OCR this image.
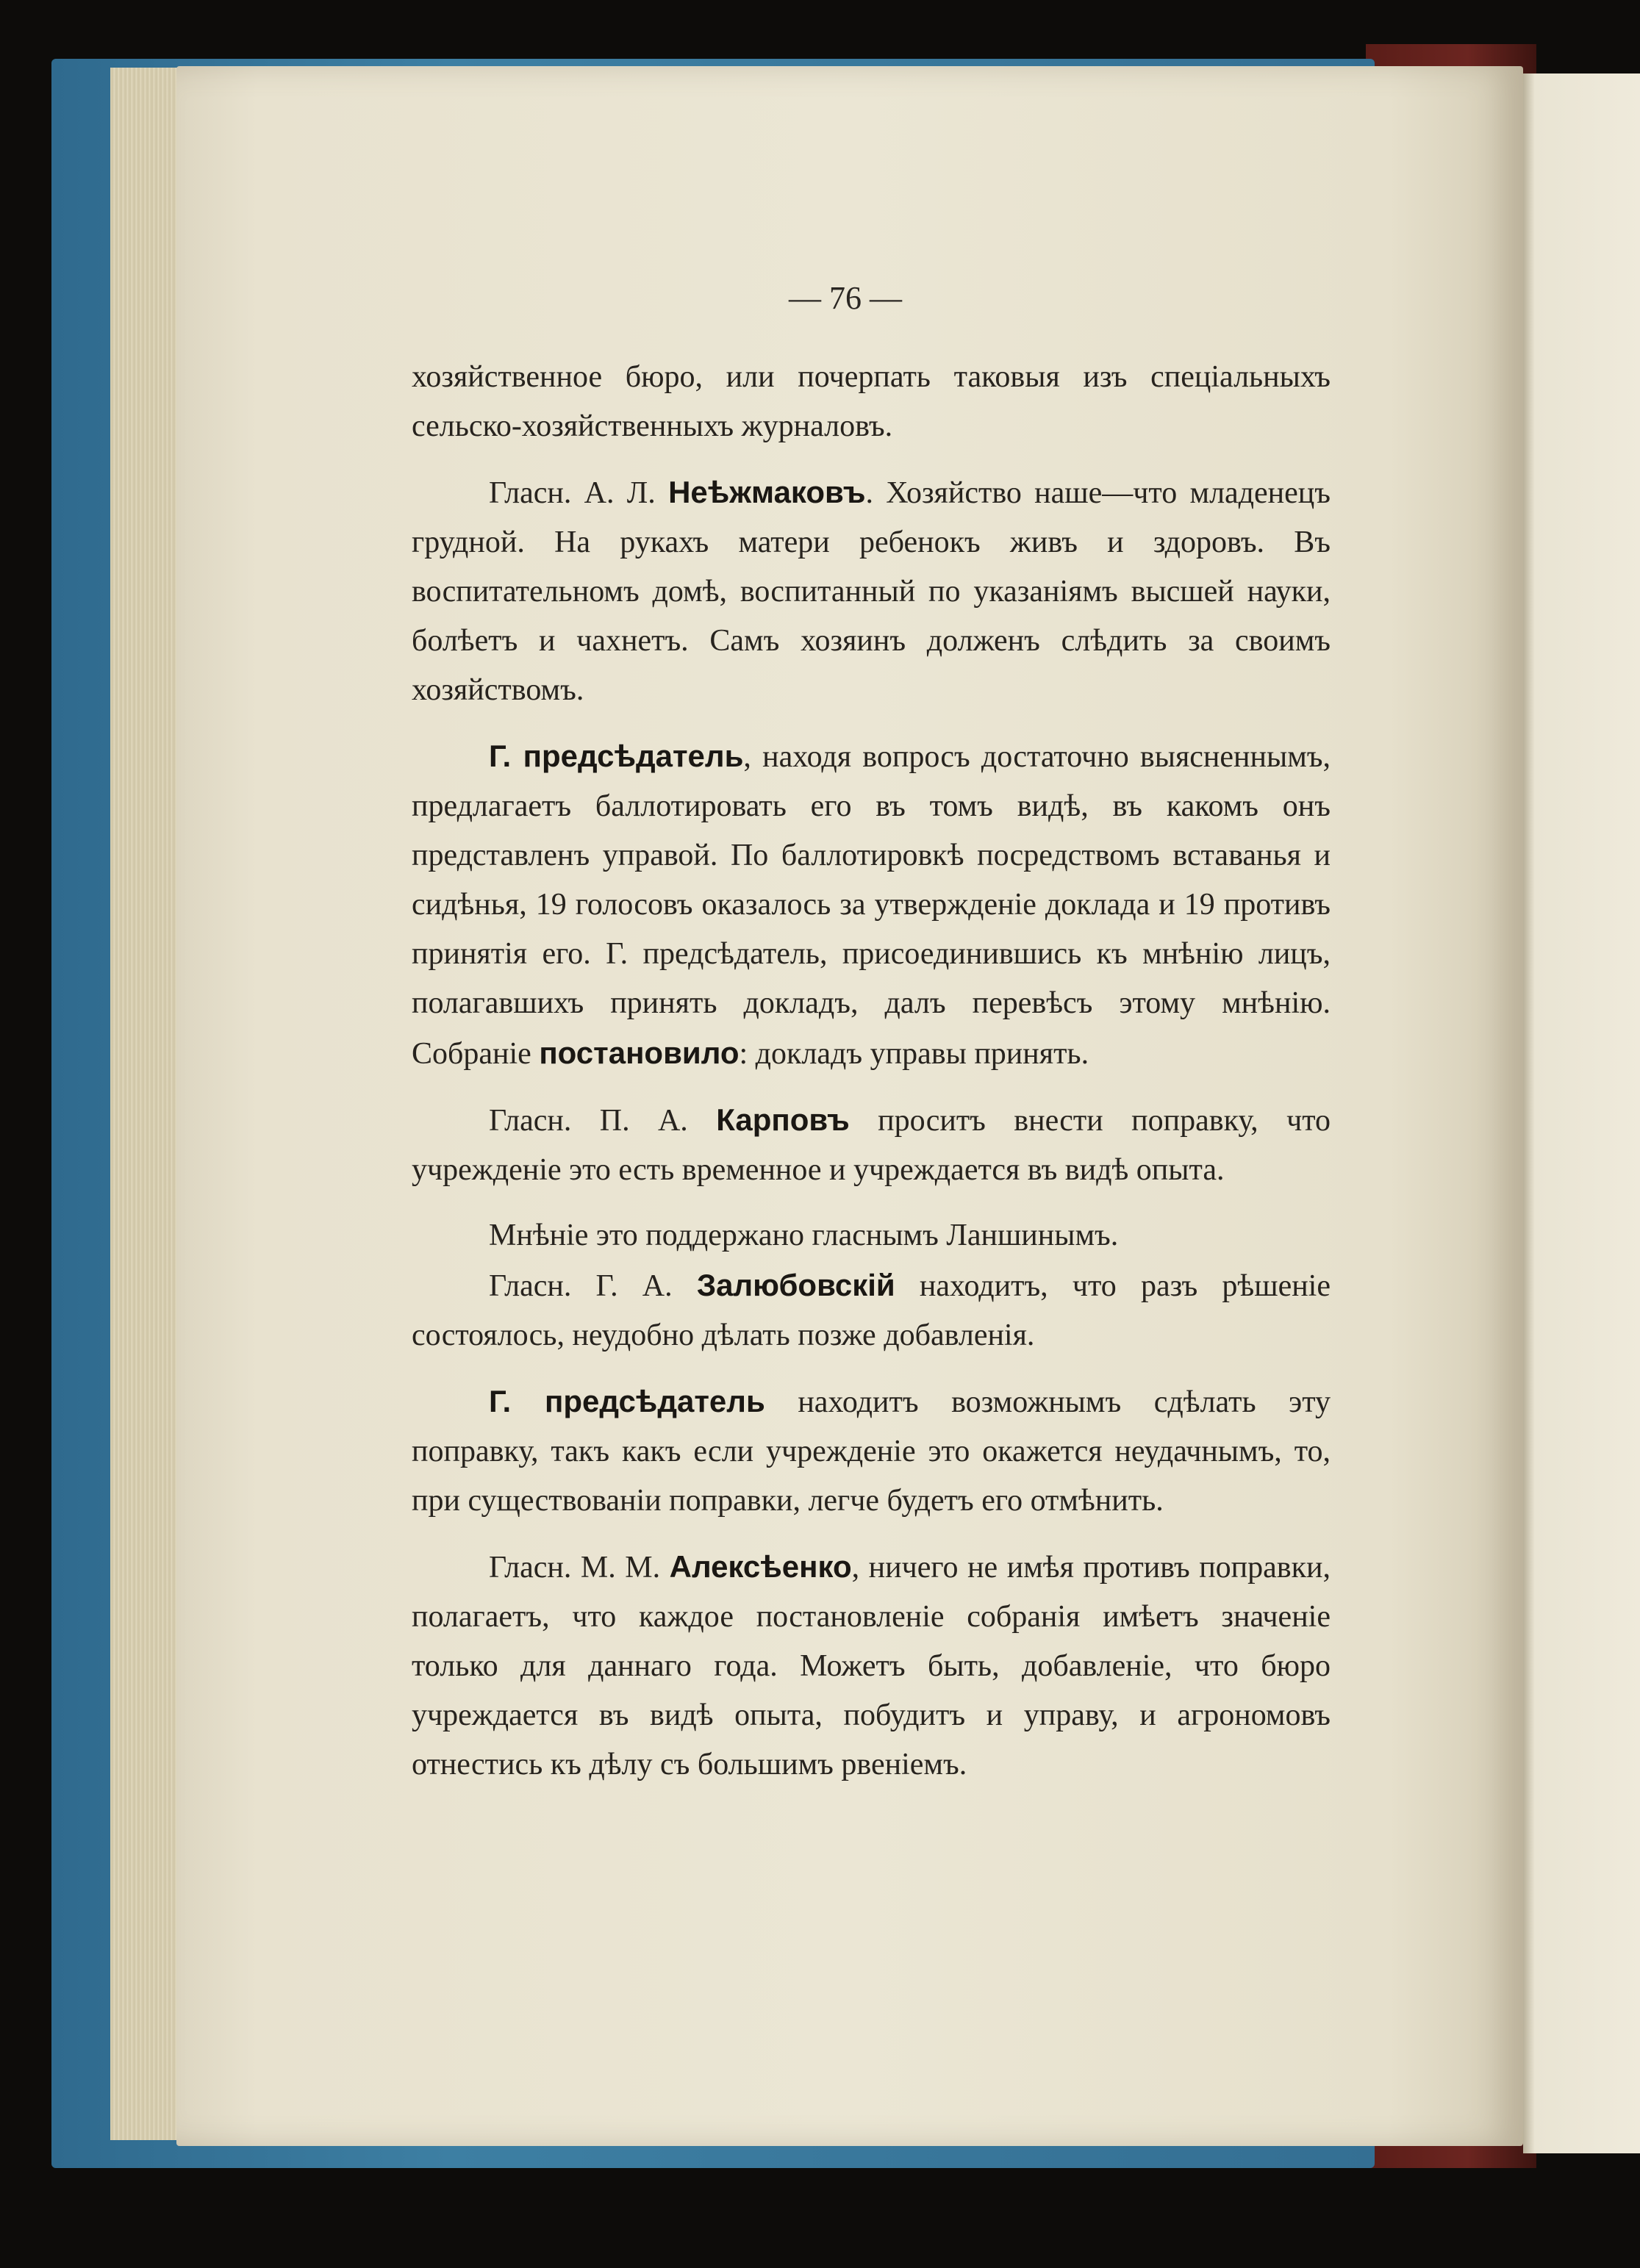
— 76 —

хозяйственное бюро, или почерпать таковыя изъ спеціальныхъ сельско-хозяйственныхъ журналовъ.

Гласн. А. Л. Неѣжмаковъ. Хозяйство наше—что младенецъ грудной. На рукахъ матери ребенокъ живъ и здоровъ. Въ воспитательномъ домѣ, воспитанный по указаніямъ высшей науки, болѣетъ и чахнетъ. Самъ хозяинъ долженъ слѣдить за своимъ хозяйствомъ.

Г. предсѣдатель, находя вопросъ достаточно выясненнымъ, предлагаетъ баллотировать его въ томъ видѣ, въ какомъ онъ представленъ управой. По баллотировкѣ посредствомъ вставанья и сидѣнья, 19 голосовъ оказалось за утвержденіе доклада и 19 противъ принятія его. Г. предсѣдатель, присоединившись къ мнѣнію лицъ, полагавшихъ принять докладъ, далъ перевѣсъ этому мнѣнію. Собраніе постановило: докладъ управы принять.

Гласн. П. А. Карповъ проситъ внести поправку, что учрежденіе это есть временное и учреждается въ видѣ опыта.

Мнѣніе это поддержано гласнымъ Ланшинымъ.

Гласн. Г. А. Залюбовскій находитъ, что разъ рѣшеніе состоялось, неудобно дѣлать позже добавленія.

Г. предсѣдатель находитъ возможнымъ сдѣлать эту поправку, такъ какъ если учрежденіе это окажется неудачнымъ, то, при существованіи поправки, легче будетъ его отмѣнить.

Гласн. М. М. Алексѣенко, ничего не имѣя противъ поправки, полагаетъ, что каждое постановленіе собранія имѣетъ значеніе только для даннаго года. Можетъ быть, добавленіе, что бюро учреждается въ видѣ опыта, побудитъ и управу, и агрономовъ отнестись къ дѣлу съ большимъ рвеніемъ.
